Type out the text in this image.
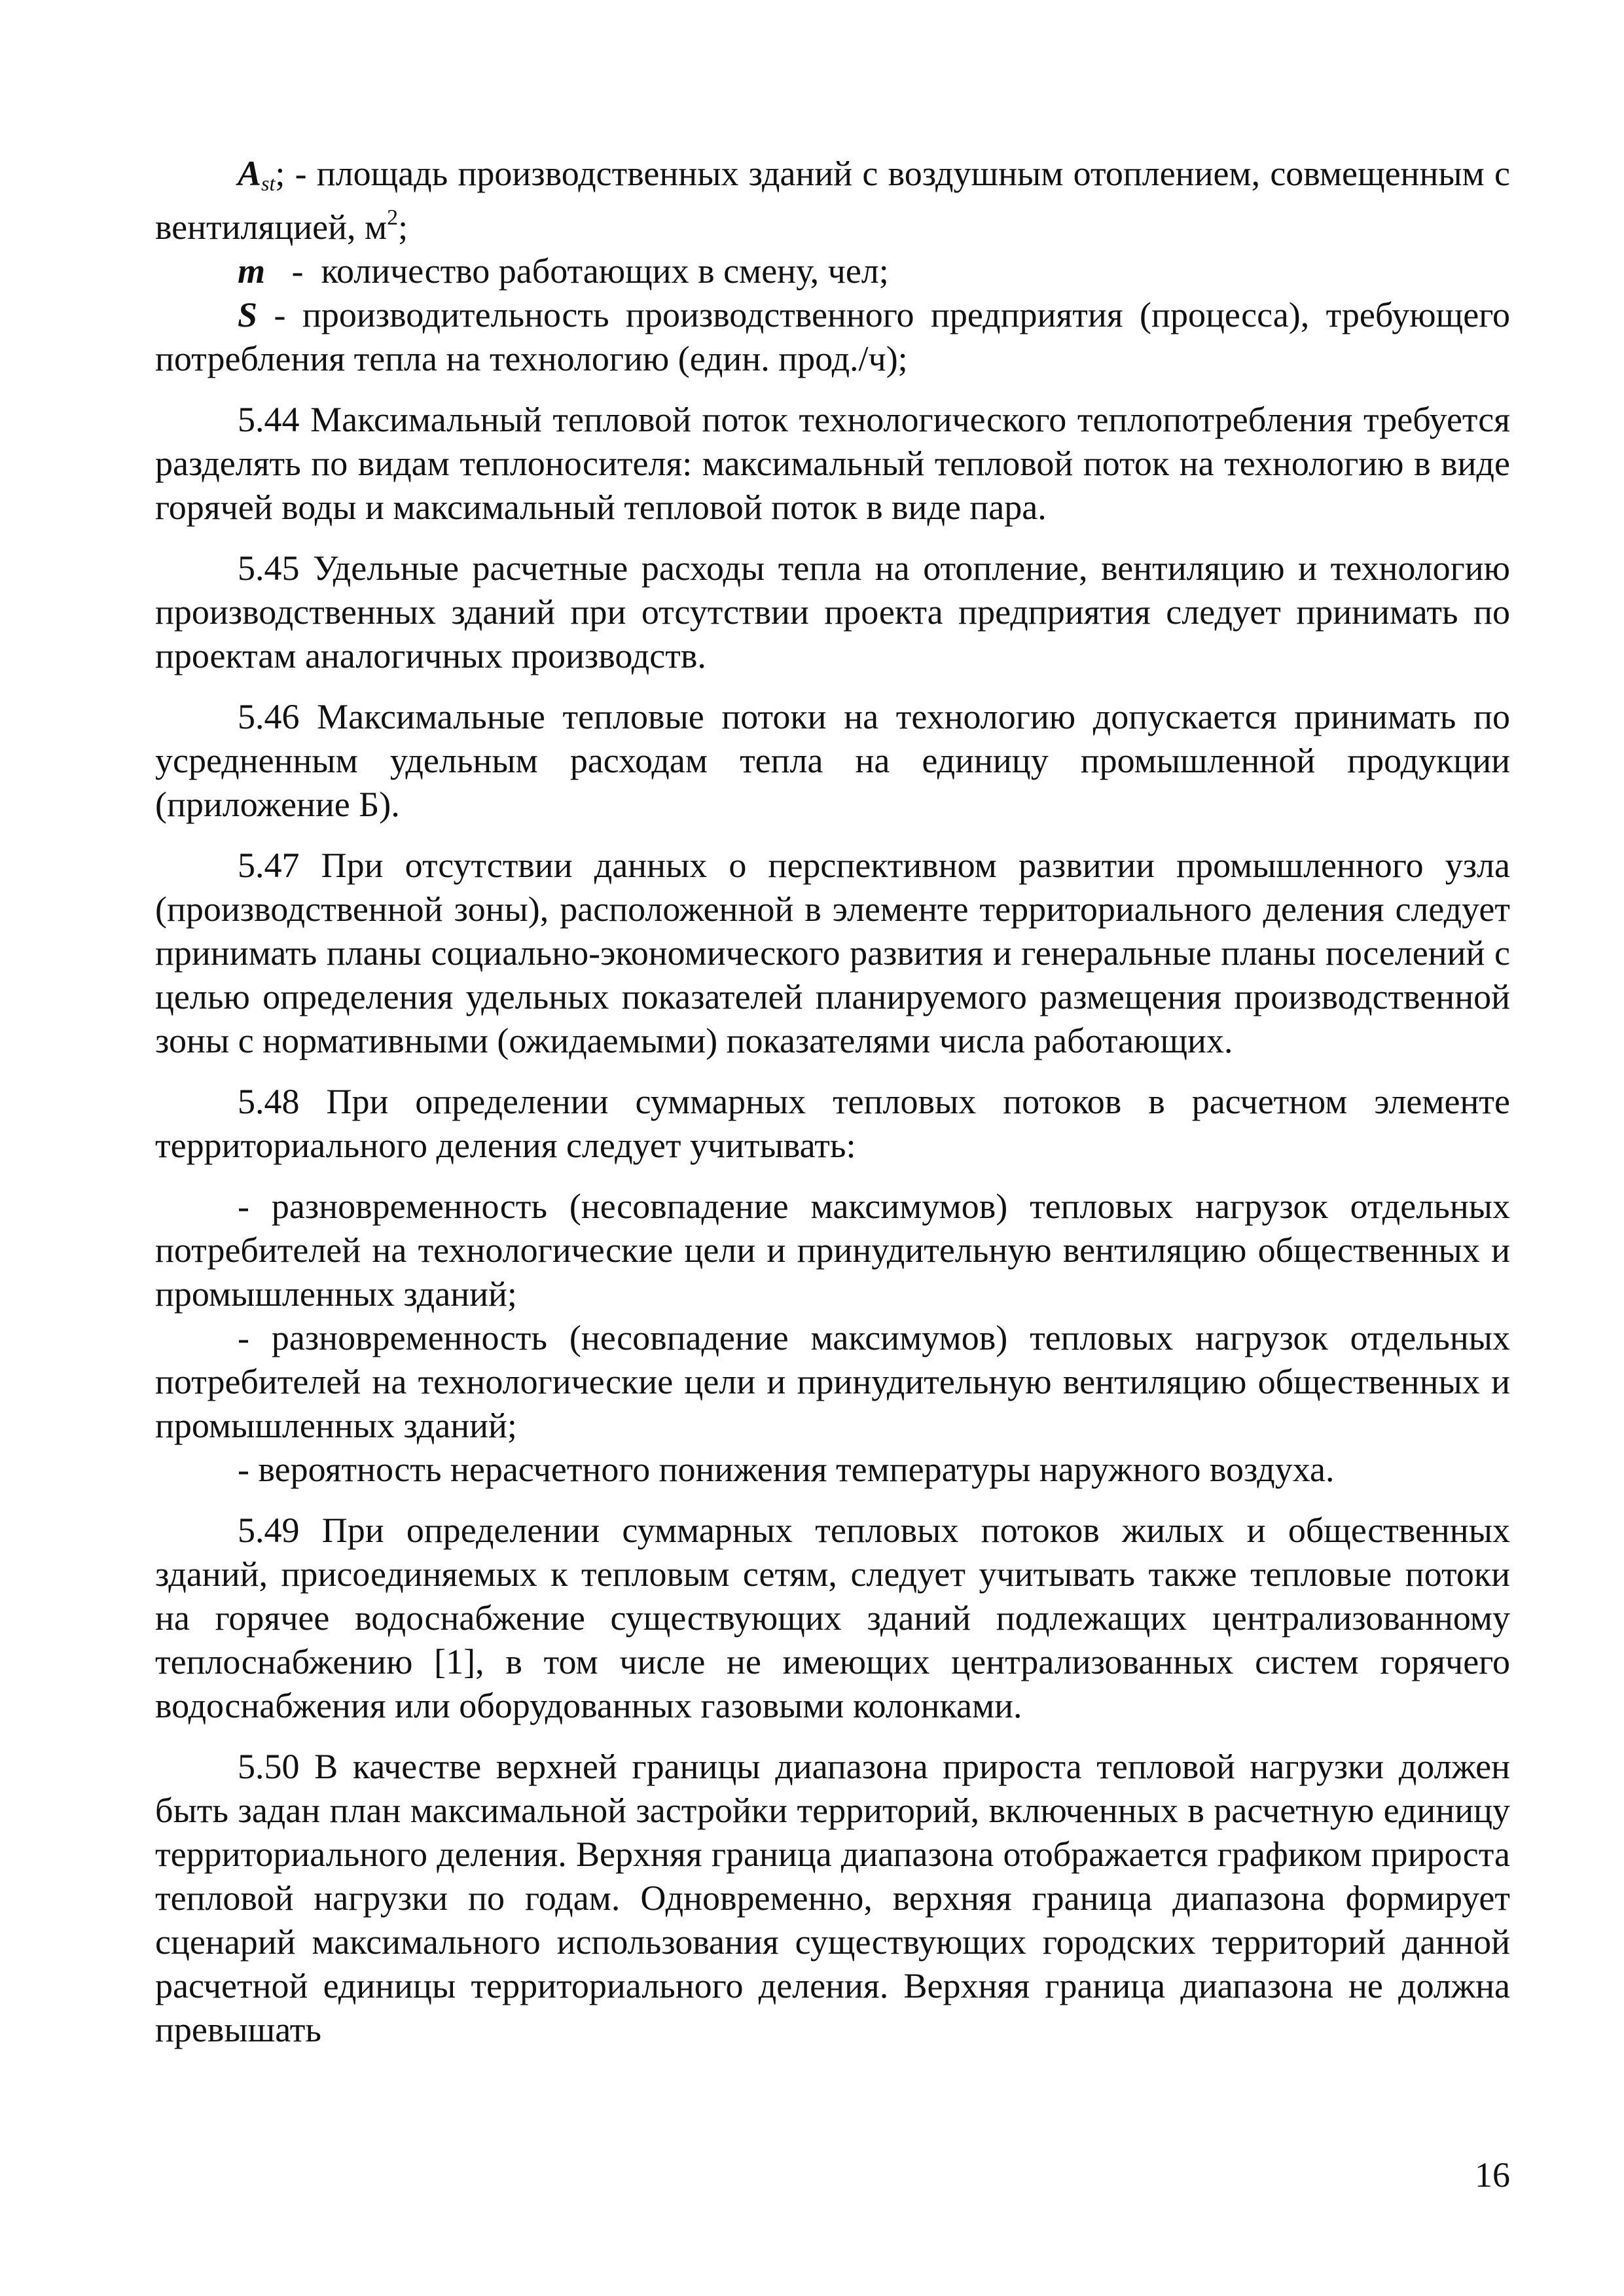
$A_{st}$; - площадь производственных зданий с воздушным отоплением, совмещенным с вентиляцией, $м^2$;

m   -  количество работающих в смену, чел;

S - производительность производственного предприятия (процесса), требующего потребления тепла на технологию (един. прод./ч);

5.44 Максимальный тепловой поток технологического теплопотребления требуется разделять по видам теплоносителя: максимальный тепловой поток на технологию в виде горячей воды и максимальный тепловой поток в виде пара.

5.45 Удельные расчетные расходы тепла на отопление, вентиляцию и технологию производственных зданий при отсутствии проекта предприятия следует принимать по проектам аналогичных производств.

5.46 Максимальные тепловые потоки на технологию допускается принимать по усредненным удельным расходам тепла на единицу промышленной продукции (приложение Б).

5.47 При отсутствии данных о перспективном развитии промышленного узла (производственной зоны), расположенной в элементе территориального деления следует принимать планы социально-экономического развития и генеральные планы поселений с целью определения удельных показателей планируемого размещения производственной зоны с нормативными (ожидаемыми) показателями числа работающих.

5.48 При определении суммарных тепловых потоков в расчетном элементе территориального деления следует учитывать:

- разновременность (несовпадение максимумов) тепловых нагрузок отдельных потребителей на технологические цели и принудительную вентиляцию общественных и промышленных зданий;

- разновременность (несовпадение максимумов) тепловых нагрузок отдельных потребителей на технологические цели и принудительную вентиляцию общественных и промышленных зданий;

- вероятность нерасчетного понижения температуры наружного воздуха.

5.49 При определении суммарных тепловых потоков жилых и общественных зданий, присоединяемых к тепловым сетям, следует учитывать также тепловые потоки на горячее водоснабжение существующих зданий подлежащих централизованному теплоснабжению [1], в том числе не имеющих централизованных систем горячего водоснабжения или оборудованных газовыми колонками.

5.50 В качестве верхней границы диапазона прироста тепловой нагрузки должен быть задан план максимальной застройки территорий, включенных в расчетную единицу территориального деления. Верхняя граница диапазона отображается графиком прироста тепловой нагрузки по годам. Одновременно, верхняя граница диапазона формирует сценарий максимального использования существующих городских территорий данной расчетной единицы территориального деления. Верхняя граница диапазона не должна превышать

16
